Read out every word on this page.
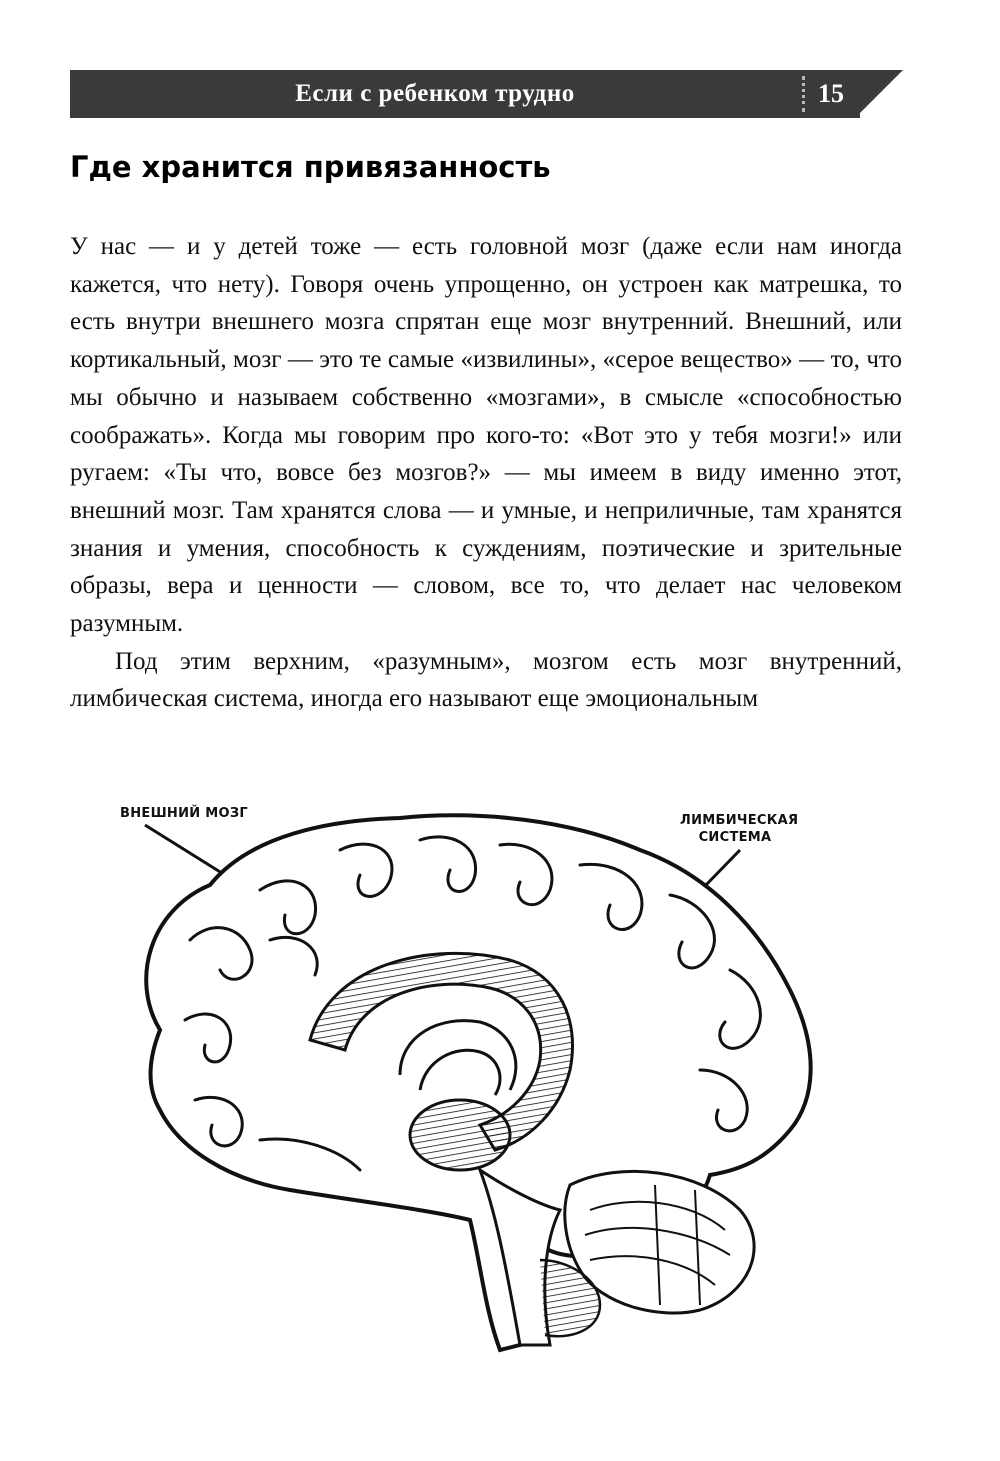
Если с ребенком трудно	15
Где хранится привязанность

У нас — и у детей тоже — есть головной мозг (даже если нам иногда кажется, что нету). Говоря очень упрощенно, он устроен как матрешка, то есть внутри внешнего мозга спрятан еще мозг внутренний. Внешний, или кортикальный, мозг — это те самые «извилины», «серое вещество» — то, что мы обычно и называем собственно «мозгами», в смысле «способностью соображать». Когда мы говорим про кого-то: «Вот это у тебя мозги!» или ругаем: «Ты что, вовсе без мозгов?» — мы имеем в виду именно этот, внешний мозг. Там хранятся слова — и умные, и неприличные, там хранятся знания и умения, способность к суждениям, поэтические и зрительные образы, вера и ценности — словом, все то, что делает нас человеком разумным.

Под этим верхним, «разумным», мозгом есть мозг внутренний, лимбическая система, иногда его называют еще эмоциональным

ВНЕШНИЙ МОЗГ	ЛИМБИЧЕСКАЯ
СИСТЕМА
